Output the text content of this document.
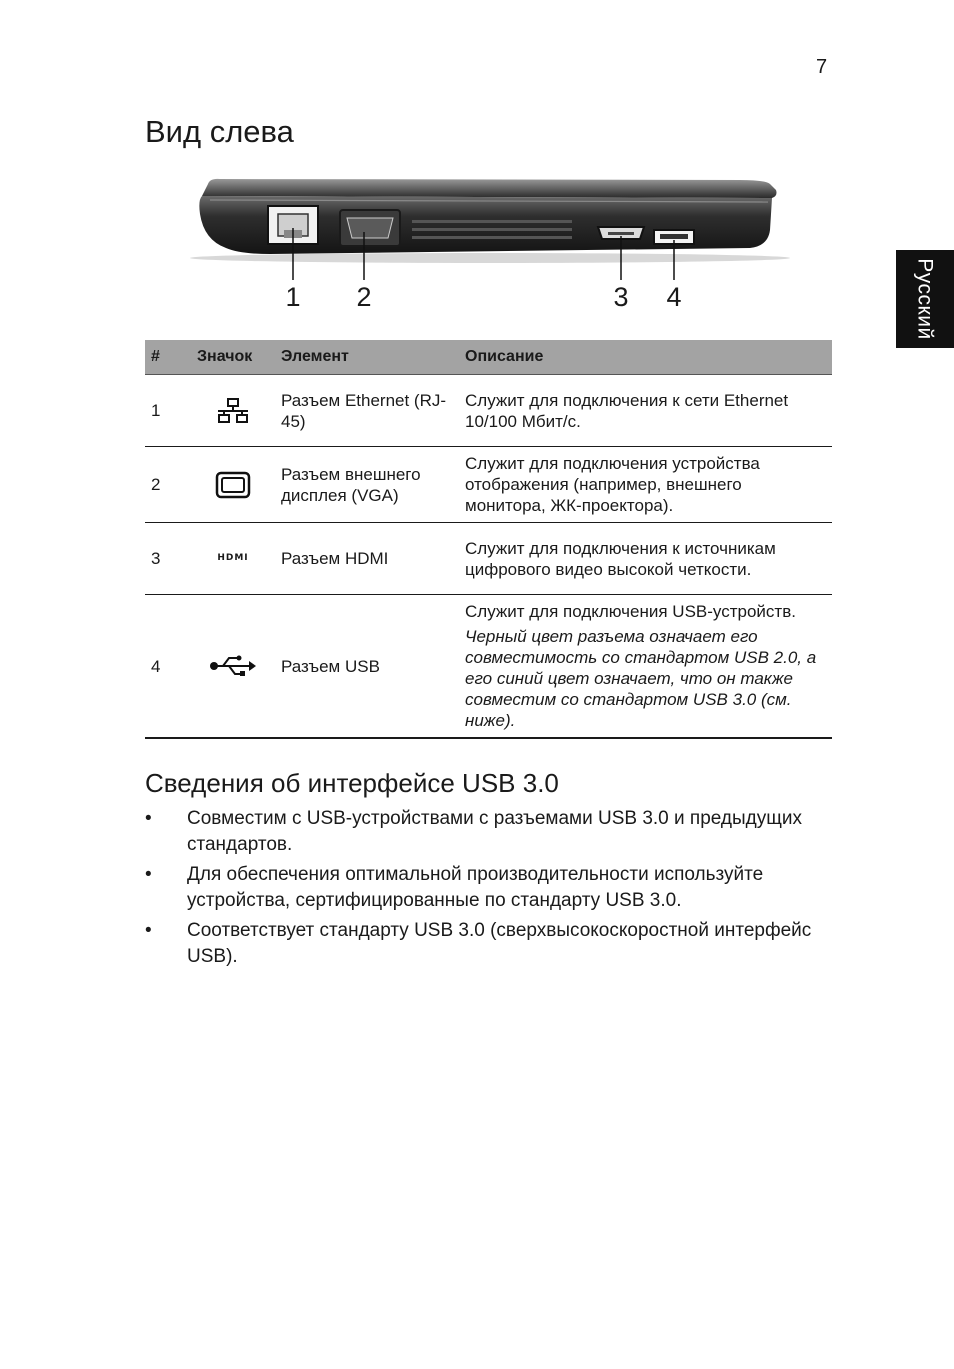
7
Русский
Вид слева
1 2	3 4
#	Значок	Элемент	Описание
1		Разъем Ethernet (RJ-45)	Служит для подключения к сети Ethernet 10/100 Мбит/с.

2		Разъем внешнего дисплея (VGA)	Служит для подключения устройства отображения (например, внешнего монитора, ЖК-проектора).

3	HDMI	Разъем HDMI	Служит для подключения к источникам цифрового видео высокой четкости.

4		Разъем USB	Служит для подключения USB-устройств.
Черный цвет разъема означает его совместимость со стандартом USB 2.0, а его синий цвет означает, что он также совместим со стандартом USB 3.0 (см. ниже).
Сведения об интерфейсе USB 3.0
• Совместим с USB-устройствами с разъемами USB 3.0 и предыдущих стандартов.
• Для обеспечения оптимальной производительности используйте устройства, сертифицированные по стандарту USB 3.0.
• Соответствует стандарту USB 3.0 (сверхвысокоскоростной интерфейс USB).
